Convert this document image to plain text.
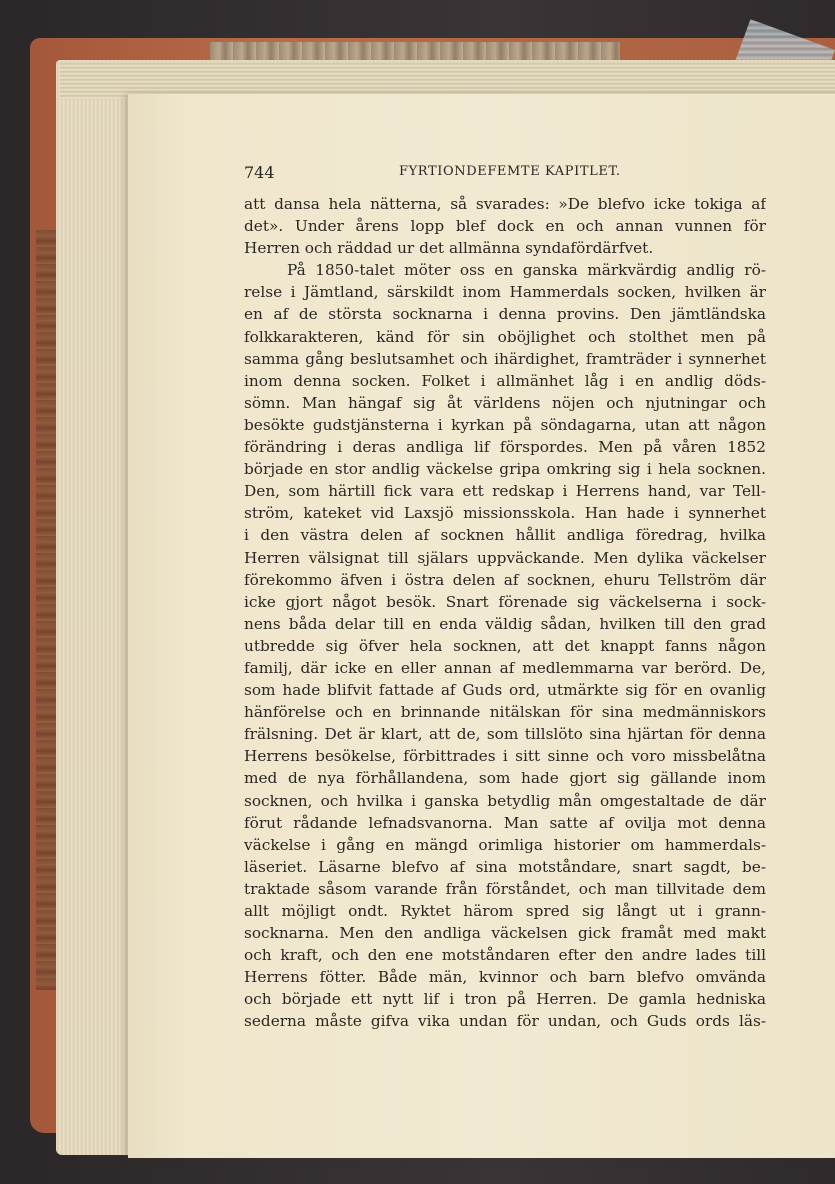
744	FYRTIONDEFEMTE KAPITLET.
att dansa hela nätterna, så svarades: »De blefvo icke tokiga af
det». Under årens lopp blef dock en och annan vunnen för
Herren och räddad ur det allmänna syndafördärfvet.
På 1850-talet möter oss en ganska märkvärdig andlig rö-
relse i Jämtland, särskildt inom Hammerdals socken, hvilken är
en af de största socknarna i denna provins. Den jämtländska
folkkarakteren, känd för sin oböjlighet och stolthet men på
samma gång beslutsamhet och ihärdighet, framträder i synnerhet
inom denna socken. Folket i allmänhet låg i en andlig döds-
sömn. Man hängaf sig åt världens nöjen och njutningar och
besökte gudstjänsterna i kyrkan på söndagarna, utan att någon
förändring i deras andliga lif förspordes. Men på våren 1852
började en stor andlig väckelse gripa omkring sig i hela socknen.
Den, som härtill fick vara ett redskap i Herrens hand, var Tell-
ström, kateket vid Laxsjö missionsskola. Han hade i synnerhet
i den västra delen af socknen hållit andliga föredrag, hvilka
Herren välsignat till själars uppväckande. Men dylika väckelser
förekommo äfven i östra delen af socknen, ehuru Tellström där
icke gjort något besök. Snart förenade sig väckelserna i sock-
nens båda delar till en enda väldig sådan, hvilken till den grad
utbredde sig öfver hela socknen, att det knappt fanns någon
familj, där icke en eller annan af medlemmarna var berörd. De,
som hade blifvit fattade af Guds ord, utmärkte sig för en ovanlig
hänförelse och en brinnande nitälskan för sina medmänniskors
frälsning. Det är klart, att de, som tillslöto sina hjärtan för denna
Herrens besökelse, förbittrades i sitt sinne och voro missbelåtna
med de nya förhållandena, som hade gjort sig gällande inom
socknen, och hvilka i ganska betydlig mån omgestaltade de där
förut rådande lefnadsvanorna. Man satte af ovilja mot denna
väckelse i gång en mängd orimliga historier om hammerdals-
läseriet. Läsarne blefvo af sina motståndare, snart sagdt, be-
traktade såsom varande från förståndet, och man tillvitade dem
allt möjligt ondt. Ryktet härom spred sig långt ut i grann-
socknarna. Men den andliga väckelsen gick framåt med makt
och kraft, och den ene motståndaren efter den andre lades till
Herrens fötter. Både män, kvinnor och barn blefvo omvända
och började ett nytt lif i tron på Herren. De gamla hedniska
sederna måste gifva vika undan för undan, och Guds ords läs-
